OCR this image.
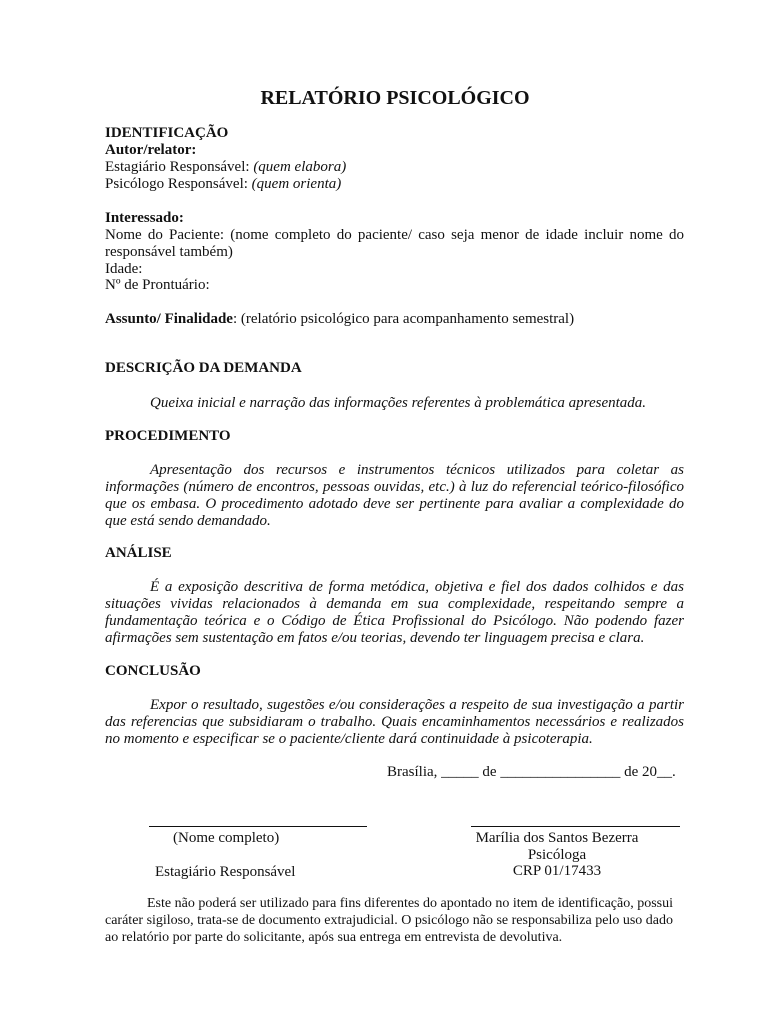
RELATÓRIO PSICOLÓGICO
IDENTIFICAÇÃO
Autor/relator:
Estagiário Responsável: (quem elabora)
Psicólogo Responsável: (quem orienta)
Interessado:
Nome do Paciente: (nome completo do paciente/ caso seja menor de idade incluir nome do responsável também)
Idade:
Nº de Prontuário:
Assunto/ Finalidade: (relatório psicológico para acompanhamento semestral)
DESCRIÇÃO DA DEMANDA
Queixa inicial e narração das informações referentes à problemática apresentada.
PROCEDIMENTO
Apresentação dos recursos e instrumentos técnicos utilizados para coletar as informações (número de encontros, pessoas ouvidas, etc.) à luz do referencial teórico-filosófico que os embasa. O procedimento adotado deve ser pertinente para avaliar a complexidade do que está sendo demandado.
ANÁLISE
É a exposição descritiva de forma metódica, objetiva e fiel dos dados colhidos e das situações vividas relacionados à demanda em sua complexidade, respeitando sempre a fundamentação teórica e o Código de Ética Profissional do Psicólogo. Não podendo fazer afirmações sem sustentação em fatos e/ou teorias, devendo ter linguagem precisa e clara.
CONCLUSÃO
Expor o resultado, sugestões e/ou considerações a respeito de sua investigação a partir das referencias que subsidiaram o trabalho. Quais encaminhamentos necessários e realizados no momento e especificar se o paciente/cliente dará continuidade à psicoterapia.
Brasília, _____ de ________________ de 20__.
(Nome completo)
Estagiário Responsável
Marília dos Santos Bezerra
Psicóloga
CRP 01/17433
Este não poderá ser utilizado para fins diferentes do apontado no item de identificação, possui caráter sigiloso, trata-se de documento extrajudicial. O psicólogo não se responsabiliza pelo uso dado ao relatório por parte do solicitante, após sua entrega em entrevista de devolutiva.
